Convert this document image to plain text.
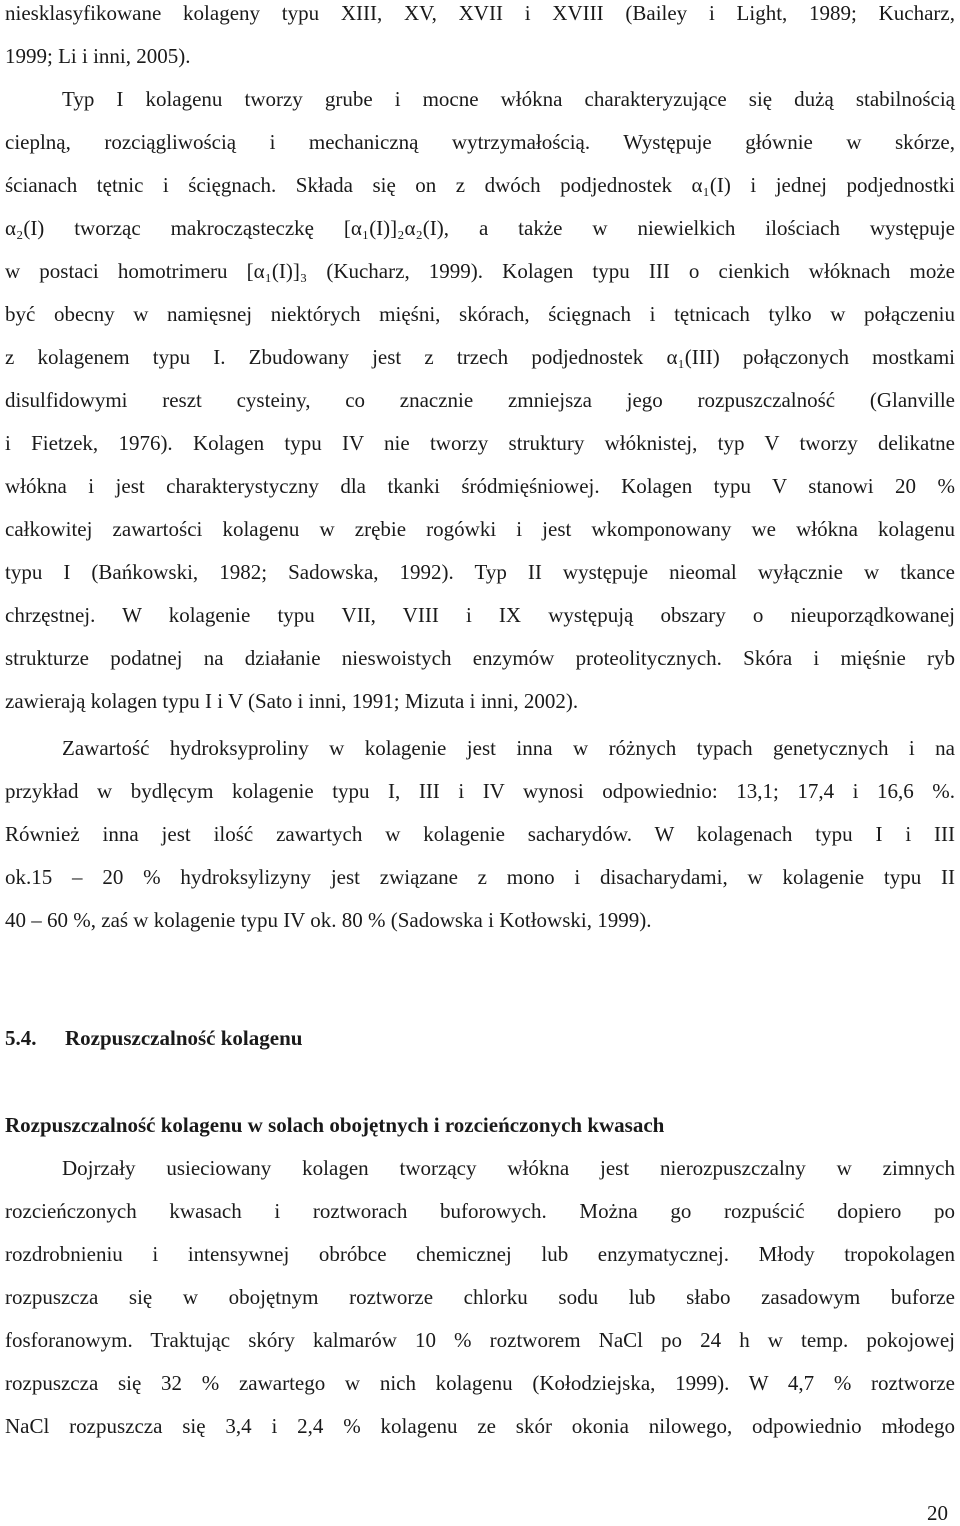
niesklasyfikowane kolageny typu XIII, XV, XVII i XVIII (Bailey i Light, 1989; Kucharz,
1999; Li i inni, 2005).
Typ I kolagenu tworzy grube i mocne włókna charakteryzujące się dużą stabilnością
cieplną, rozciągliwością i mechaniczną wytrzymałością. Występuje głównie w skórze,
ścianach tętnic i ścięgnach. Składa się on z dwóch podjednostek α₁(I) i jednej podjednostki
α₂(I) tworząc makrocząsteczkę [α₁(I)]₂α₂(I), a także w niewielkich ilościach występuje
w postaci homotrimeru [α₁(I)]₃ (Kucharz, 1999). Kolagen typu III o cienkich włóknach może
być obecny w namięsnej niektórych mięśni, skórach, ścięgnach i tętnicach tylko w połączeniu
z kolagenem typu I. Zbudowany jest z trzech podjednostek α₁(III) połączonych mostkami
disulfidowymi reszt cysteiny, co znacznie zmniejsza jego rozpuszczalność (Glanville
i Fietzek, 1976). Kolagen typu IV nie tworzy struktury włóknistej, typ V tworzy delikatne
włókna i jest charakterystyczny dla tkanki śródmięśniowej. Kolagen typu V stanowi 20 %
całkowitej zawartości kolagenu w zrębie rogówki i jest wkomponowany we włókna kolagenu
typu I (Bańkowski, 1982; Sadowska, 1992). Typ II występuje nieomal wyłącznie w tkance
chrzęstnej. W kolagenie typu VII, VIII i IX występują obszary o nieuporządkowanej
strukturze podatnej na działanie nieswoistych enzymów proteolitycznych. Skóra i mięśnie ryb
zawierają kolagen typu I i V (Sato i inni, 1991; Mizuta i inni, 2002).
Zawartość hydroksyproliny w kolagenie jest inna w różnych typach genetycznych i na
przykład w bydlęcym kolagenie typu I, III i IV wynosi odpowiednio: 13,1; 17,4 i 16,6 %.
Również inna jest ilość zawartych w kolagenie sacharydów. W kolagenach typu I i III
ok.15 – 20 % hydroksylizyny jest związane z mono i disacharydami, w kolagenie typu II
40 – 60 %, zaś w kolagenie typu IV ok. 80 % (Sadowska i Kotłowski, 1999).
5.4. Rozpuszczalność kolagenu
Rozpuszczalność kolagenu w solach obojętnych i rozcieńczonych kwasach
Dojrzały usieciowany kolagen tworzący włókna jest nierozpuszczalny w zimnych
rozcieńczonych kwasach i roztworach buforowych. Można go rozpuścić dopiero po
rozdrobnieniu i intensywnej obróbce chemicznej lub enzymatycznej. Młody tropokolagen
rozpuszcza się w obojętnym roztworze chlorku sodu lub słabo zasadowym buforze
fosforanowym. Traktując skóry kalmarów 10 % roztworem NaCl po 24 h w temp. pokojowej
rozpuszcza się 32 % zawartego w nich kolagenu (Kołodziejska, 1999). W 4,7 % roztworze
NaCl rozpuszcza się 3,4 i 2,4 % kolagenu ze skór okonia nilowego, odpowiednio młodego
20
